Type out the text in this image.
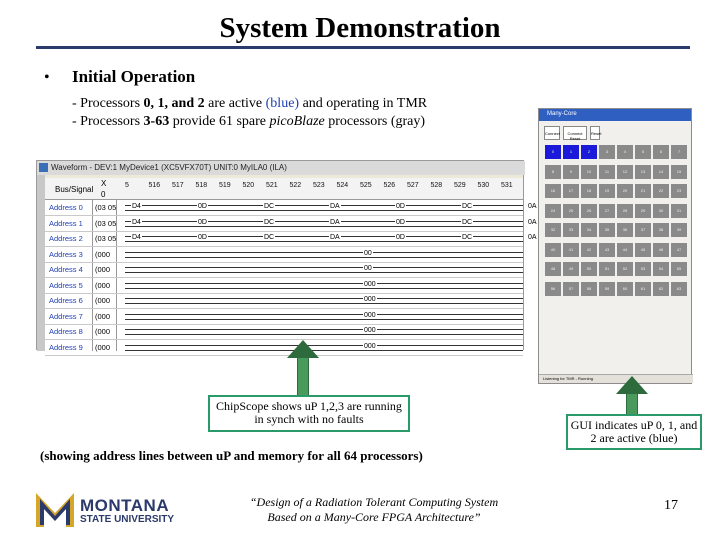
System Demonstration
• Initial Operation
- Processors 0, 1, and 2 are active (blue) and operating in TMR
- Processors 3-63 provide 61 spare picoBlaze processors (gray)
Waveform - DEV:1 MyDevice1 (XC5VFX70T) UNIT:0 MyILA0 (ILA)
Bus/Signal
X
0
5	516 517 518 519 520 521 522 523 524 525 526 527 528 529 530 531
Address 0 (03 05 D4	0D	DC	DA	0D	DC	0A
Address 1 (03 05 D4	0D	DC	DA	0D	DC	0A
Address 2 (03 05 D4	0D	DC	DA	0D	DC	0A
Address 3 (000	00
Address 4 (000	00
Address 5 (000	000
Address 6 (000	000
Address 7 (000	000
Address 8 (000	000
Address 9 (000	000
Many-Core
Connect	Connect Reset
Reset
0	1	2	3	4	5	6	7
8	9	10	11	12	13	14	15
16	17	18	19	20	21	22	23
24	25	26	27	28	29	30	31
32	33	34	35	36	37	38	39
40	41	42	43	44	45	46	47
48	49	50	51	52	53	54	55
56	57	58	59	60	61	62	63
Listening for TMR - Running
ChipScope shows uP 1,2,3 are running in synch with no faults	GUI indicates uP 0, 1, and 2 are active (blue)
(showing address lines between uP and memory for all 64 processors)
MONTANA
STATE UNIVERSITY
“Design of a Radiation Tolerant Computing System Based on a Many-Core FPGA Architecture”
17
